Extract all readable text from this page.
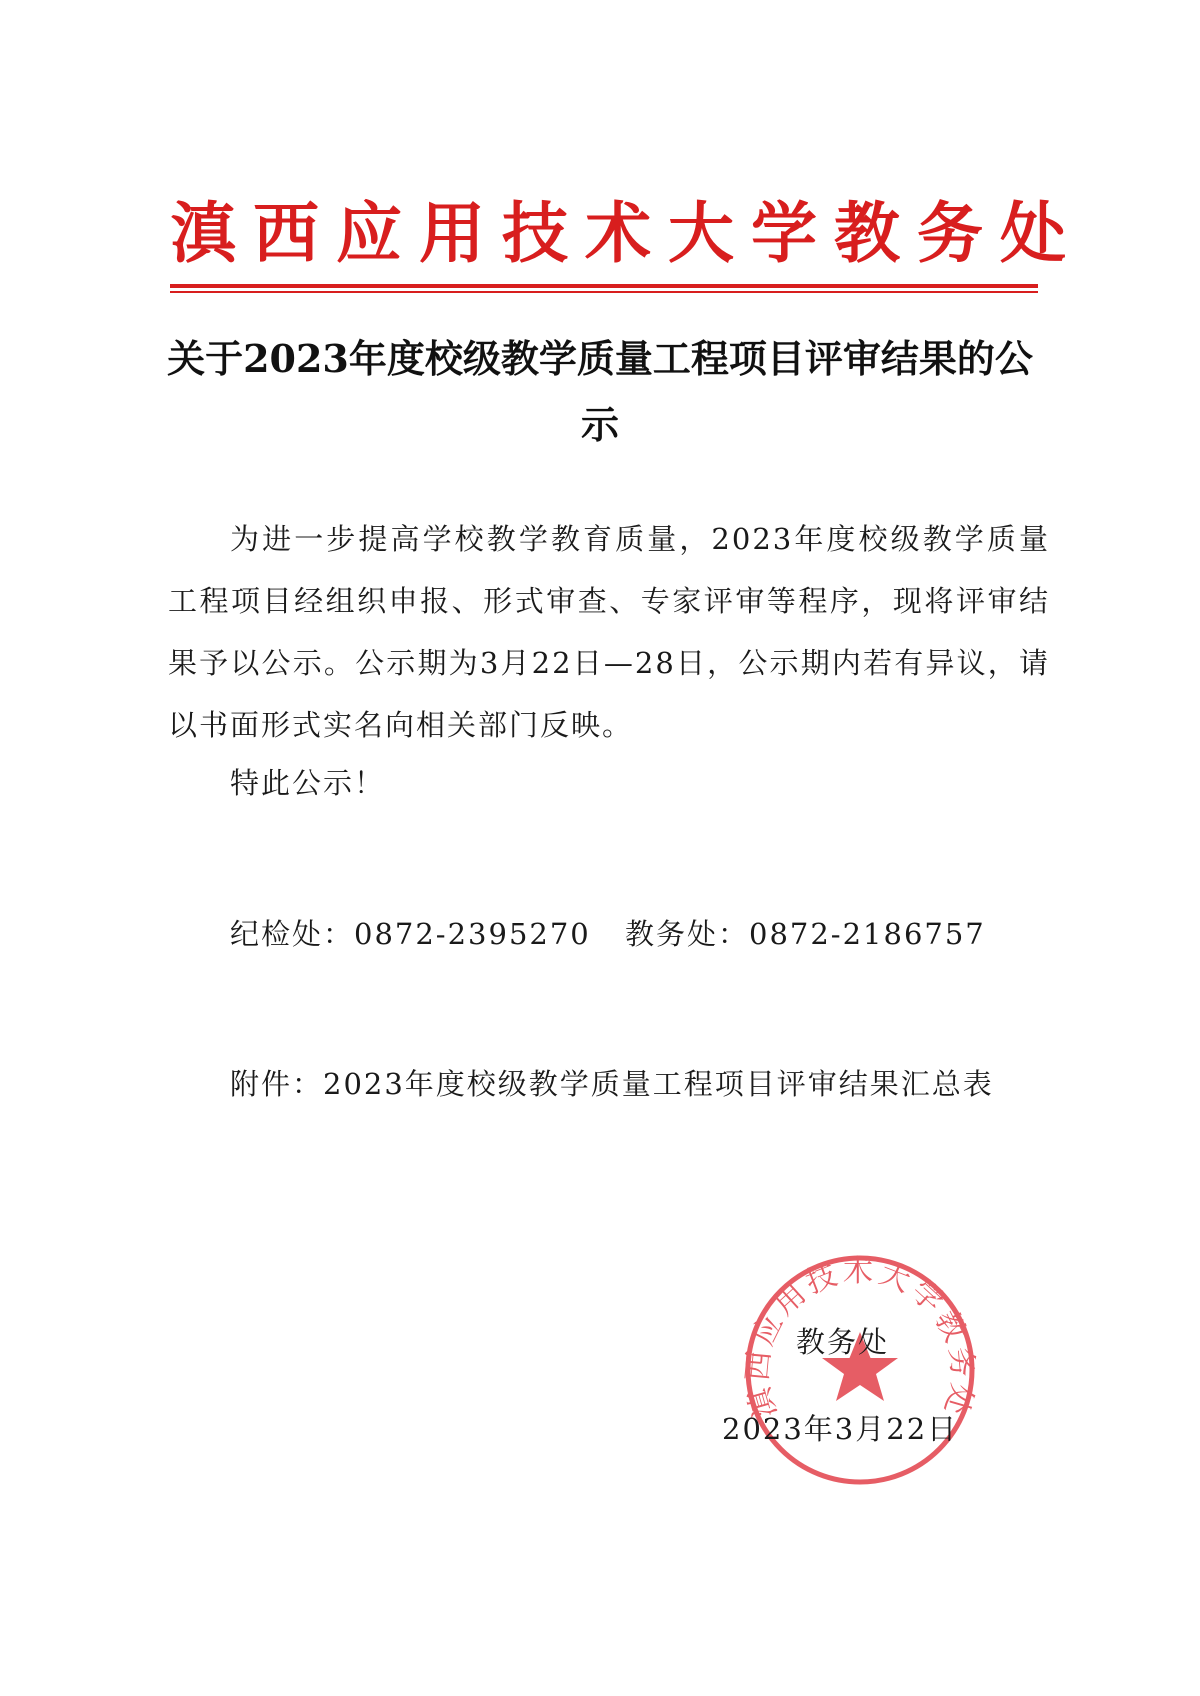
滇西应用技术大学教务处
关于2023年度校级教学质量工程项目评审结果的公示
为进一步提高学校教学教育质量，2023年度校级教学质量工程项目经组织申报、形式审查、专家评审等程序，现将评审结果予以公示。公示期为3月22日—28日，公示期内若有异议，请以书面形式实名向相关部门反映。
特此公示！
纪检处：0872-2395270 教务处：0872-2186757
附件：2023年度校级教学质量工程项目评审结果汇总表
滇西应用技术大学教务处
教务处
2023年3月22日
